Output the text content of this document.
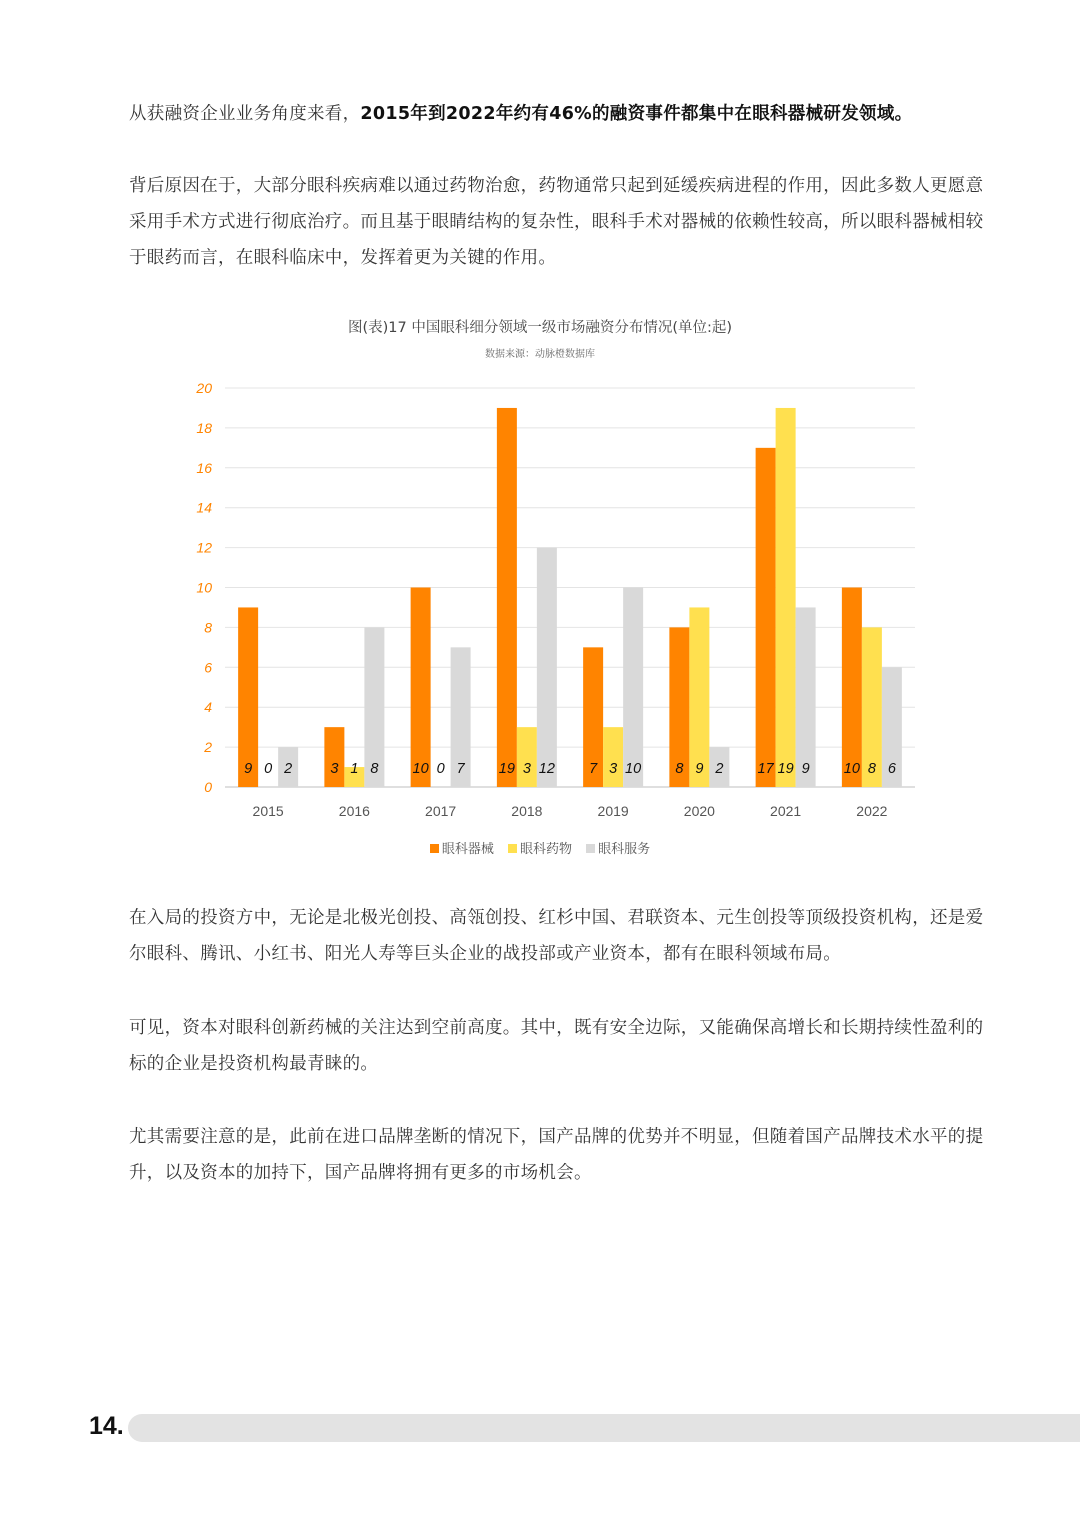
从获融资企业业务角度来看，2015年到2022年约有46%的融资事件都集中在眼科器械研发领域。

背后原因在于，大部分眼科疾病难以通过药物治愈，药物通常只起到延缓疾病进程的作用，因此多数人更愿意采用手术方式进行彻底治疗。而且基于眼睛结构的复杂性，眼科手术对器械的依赖性较高，所以眼科器械相较于眼药而言，在眼科临床中，发挥着更为关键的作用。

图(表)17 中国眼科细分领域一级市场融资分布情况(单位:起)
数据来源：动脉橙数据库
0
2
4
6
8
10
12
14
16
18
20
2015
9 0 2
2016
3 1 8
2017
10 0 7
2018
19 3 12
2019
7 3 10
2020
8 9 2
2021
17 19 9
2022
10 8 6
眼科器械 眼科药物 眼科服务

在入局的投资方中，无论是北极光创投、高瓴创投、红杉中国、君联资本、元生创投等顶级投资机构，还是爱尔眼科、腾讯、小红书、阳光人寿等巨头企业的战投部或产业资本，都有在眼科领域布局。

可见，资本对眼科创新药械的关注达到空前高度。其中，既有安全边际，又能确保高增长和长期持续性盈利的标的企业是投资机构最青睐的。

尤其需要注意的是，此前在进口品牌垄断的情况下，国产品牌的优势并不明显，但随着国产品牌技术水平的提升，以及资本的加持下，国产品牌将拥有更多的市场机会。

14.
